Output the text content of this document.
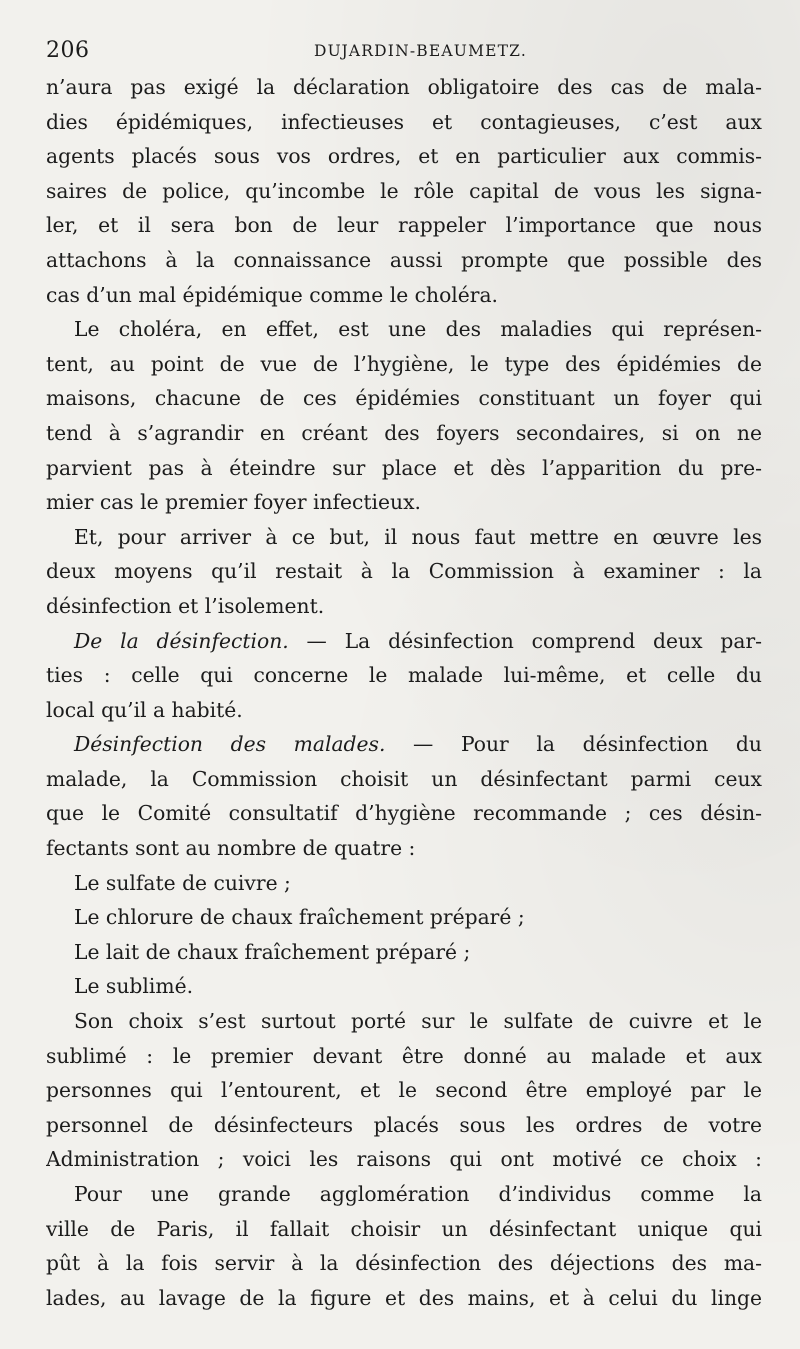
206	DUJARDIN-BEAUMETZ.
n’aura pas exigé la déclaration obligatoire des cas de mala-
dies épidémiques, infectieuses et contagieuses, c’est aux
agents placés sous vos ordres, et en particulier aux commis-
saires de police, qu’incombe le rôle capital de vous les signa-
ler, et il sera bon de leur rappeler l’importance que nous
attachons à la connaissance aussi prompte que possible des
cas d’un mal épidémique comme le choléra.
Le choléra, en effet, est une des maladies qui représen-
tent, au point de vue de l’hygiène, le type des épidémies de
maisons, chacune de ces épidémies constituant un foyer qui
tend à s’agrandir en créant des foyers secondaires, si on ne
parvient pas à éteindre sur place et dès l’apparition du pre-
mier cas le premier foyer infectieux.
Et, pour arriver à ce but, il nous faut mettre en œuvre les
deux moyens qu’il restait à la Commission à examiner : la
désinfection et l’isolement.
De la désinfection. — La désinfection comprend deux par-
ties : celle qui concerne le malade lui-même, et celle du
local qu’il a habité.
Désinfection des malades. — Pour la désinfection du
malade, la Commission choisit un désinfectant parmi ceux
que le Comité consultatif d’hygiène recommande ; ces désin-
fectants sont au nombre de quatre :
Le sulfate de cuivre ;
Le chlorure de chaux fraîchement préparé ;
Le lait de chaux fraîchement préparé ;
Le sublimé.
Son choix s’est surtout porté sur le sulfate de cuivre et le
sublimé : le premier devant être donné au malade et aux
personnes qui l’entourent, et le second être employé par le
personnel de désinfecteurs placés sous les ordres de votre
Administration ; voici les raisons qui ont motivé ce choix :
Pour une grande agglomération d’individus comme la
ville de Paris, il fallait choisir un désinfectant unique qui
pût à la fois servir à la désinfection des déjections des ma-
lades, au lavage de la figure et des mains, et à celui du linge
